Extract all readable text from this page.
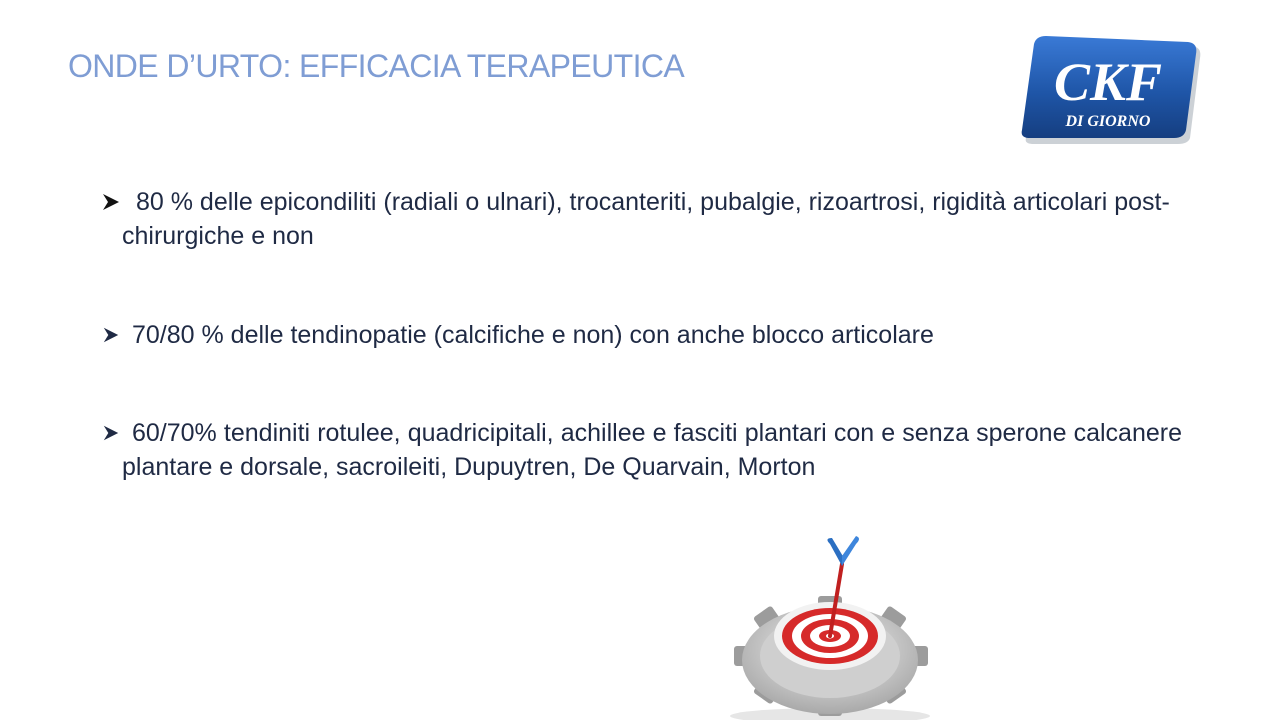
ONDE D’URTO: EFFICACIA TERAPEUTICA	CKF
DI GIORNO
80 % delle epicondiliti (radiali o ulnari), trocanteriti, pubalgie, rizoartrosi, rigidità articolari post-chirurgiche e non
70/80 % delle tendinopatie (calcifiche e non) con anche blocco articolare
60/70% tendiniti rotulee, quadricipitali, achillee e fasciti plantari con e senza sperone calcanere plantare e dorsale, sacroileiti, Dupuytren, De Quarvain, Morton
